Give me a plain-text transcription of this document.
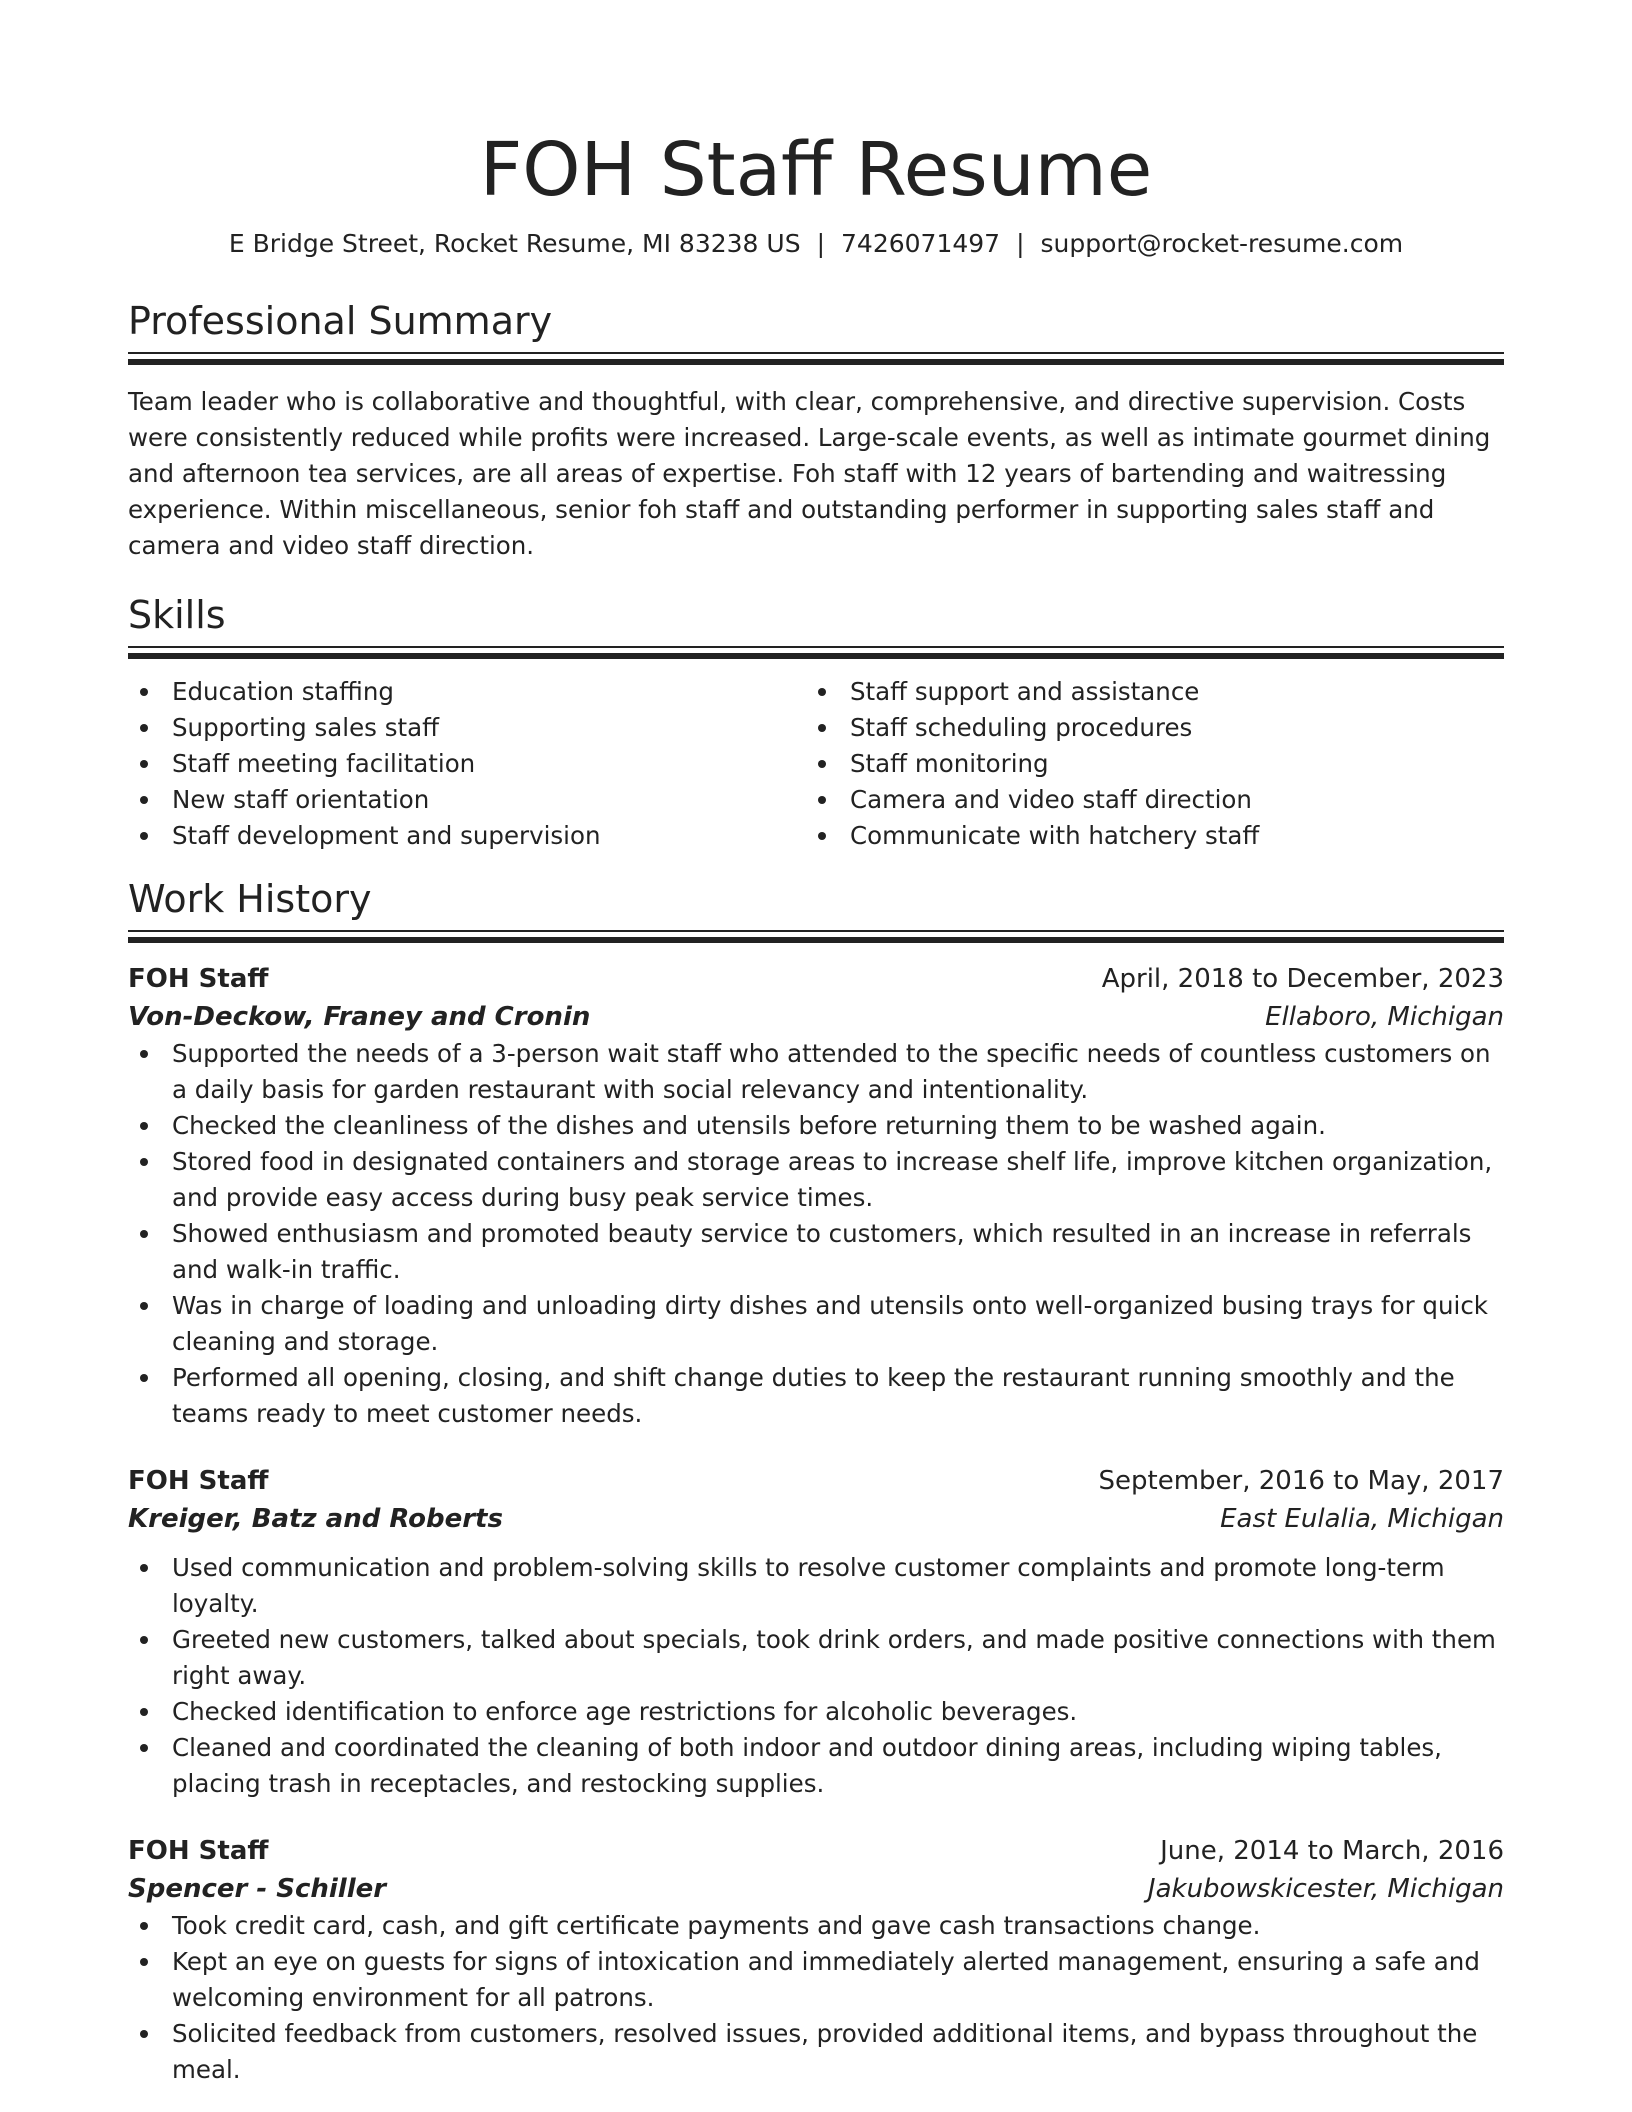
FOH Staff Resume
E Bridge Street, Rocket Resume, MI 83238 US | 7426071497 | support@rocket-resume.com
Professional Summary

Team leader who is collaborative and thoughtful, with clear, comprehensive, and directive supervision. Costs were consistently reduced while profits were increased. Large-scale events, as well as intimate gourmet dining and afternoon tea services, are all areas of expertise. Foh staff with 12 years of bartending and waitressing experience. Within miscellaneous, senior foh staff and outstanding performer in supporting sales staff and camera and video staff direction.

Skills
Education staffing
Supporting sales staff
Staff meeting facilitation
New staff orientation
Staff development and supervision
Staff support and assistance
Staff scheduling procedures
Staff monitoring
Camera and video staff direction
Communicate with hatchery staff
Work History
FOH Staff	April, 2018 to December, 2023
Von-Deckow, Franey and Cronin	Ellaboro, Michigan
Supported the needs of a 3-person wait staff who attended to the specific needs of countless customers on a daily basis for garden restaurant with social relevancy and intentionality.
Checked the cleanliness of the dishes and utensils before returning them to be washed again.
Stored food in designated containers and storage areas to increase shelf life, improve kitchen organization, and provide easy access during busy peak service times.
Showed enthusiasm and promoted beauty service to customers, which resulted in an increase in referrals and walk-in traffic.
Was in charge of loading and unloading dirty dishes and utensils onto well-organized busing trays for quick cleaning and storage.
Performed all opening, closing, and shift change duties to keep the restaurant running smoothly and the teams ready to meet customer needs.
FOH Staff	September, 2016 to May, 2017
Kreiger, Batz and Roberts	East Eulalia, Michigan
Used communication and problem-solving skills to resolve customer complaints and promote long-term loyalty.
Greeted new customers, talked about specials, took drink orders, and made positive connections with them right away.
Checked identification to enforce age restrictions for alcoholic beverages.
Cleaned and coordinated the cleaning of both indoor and outdoor dining areas, including wiping tables, placing trash in receptacles, and restocking supplies.
FOH Staff	June, 2014 to March, 2016
Spencer - Schiller	Jakubowskicester, Michigan
Took credit card, cash, and gift certificate payments and gave cash transactions change.
Kept an eye on guests for signs of intoxication and immediately alerted management, ensuring a safe and welcoming environment for all patrons.
Solicited feedback from customers, resolved issues, provided additional items, and bypass throughout the meal.
